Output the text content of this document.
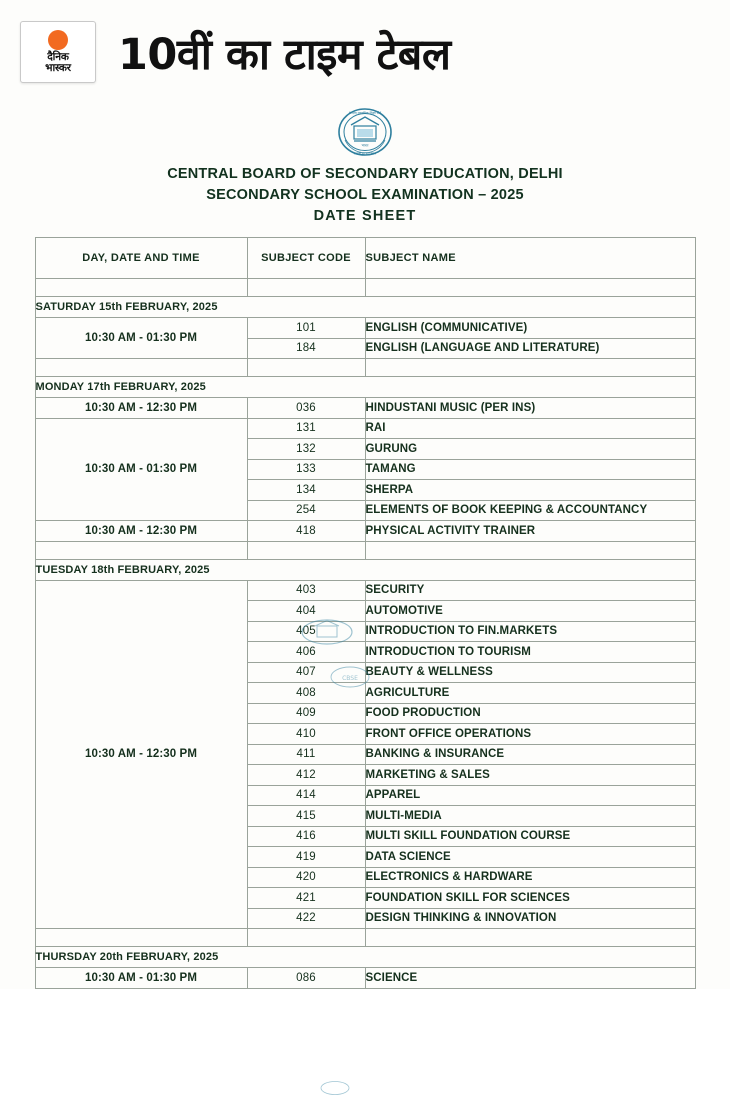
दैनिक
भास्कर 10वीं का टाइम टेबल
भारत
केन्द्रीय माध्यमिक शिक्षा बोर्ड
असतो मा सद् गमय
CENTRAL BOARD OF SECONDARY EDUCATION, DELHI
SECONDARY SCHOOL EXAMINATION – 2025
DATE SHEET
DAY, DATE AND TIME	SUBJECT CODE	SUBJECT NAME

SATURDAY 15th FEBRUARY, 2025		
10:30 AM - 01:30 PM	101	ENGLISH (COMMUNICATIVE)
	184	ENGLISH (LANGUAGE AND LITERATURE)

MONDAY 17th FEBRUARY, 2025		
10:30 AM - 12:30 PM	036	HINDUSTANI MUSIC (PER INS)
10:30 AM - 01:30 PM	131	RAI
	132	GURUNG
	133	TAMANG
	134	SHERPA
	254	ELEMENTS OF BOOK KEEPING & ACCOUNTANCY
10:30 AM - 12:30 PM	418	PHYSICAL ACTIVITY TRAINER

TUESDAY 18th FEBRUARY, 2025		
10:30 AM - 12:30 PM	403	SECURITY
	404	AUTOMOTIVE
	405	INTRODUCTION TO FIN.MARKETS
	406	INTRODUCTION TO TOURISM
	407	BEAUTY & WELLNESS
	408	AGRICULTURE
	409	FOOD PRODUCTION
	410	FRONT OFFICE OPERATIONS
	411	BANKING & INSURANCE
	412	MARKETING & SALES
	414	APPAREL
	415	MULTI-MEDIA
	416	MULTI SKILL FOUNDATION COURSE
	419	DATA SCIENCE
	420	ELECTRONICS & HARDWARE
	421	FOUNDATION SKILL FOR SCIENCES
	422	DESIGN THINKING & INNOVATION

THURSDAY 20th FEBRUARY, 2025		
10:30 AM - 01:30 PM	086	SCIENCE
CBSE
